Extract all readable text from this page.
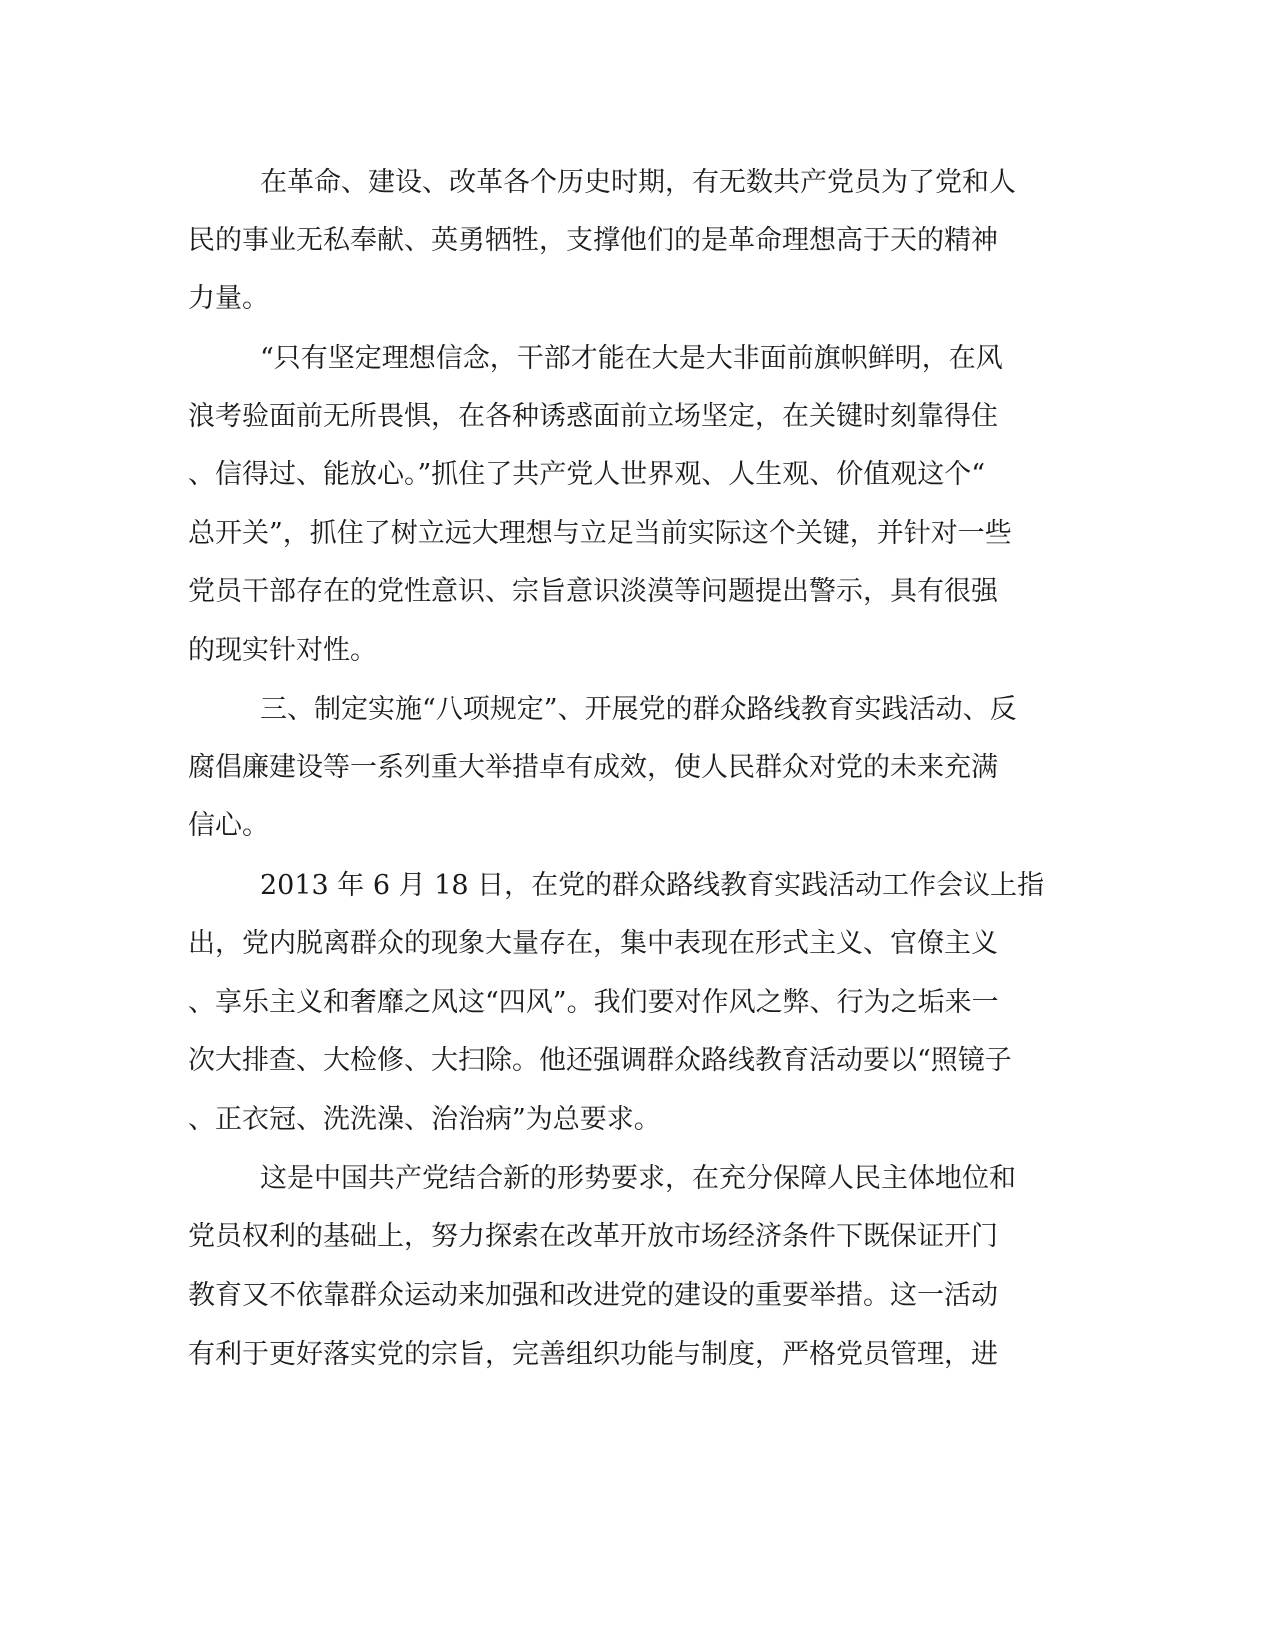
在革命、建设、改革各个历史时期，有无数共产党员为了党和人
民的事业无私奉献、英勇牺牲，支撑他们的是革命理想高于天的精神
力量。
“只有坚定理想信念，干部才能在大是大非面前旗帜鲜明，在风
浪考验面前无所畏惧，在各种诱惑面前立场坚定，在关键时刻靠得住
、信得过、能放心。”抓住了共产党人世界观、人生观、价值观这个“
总开关”，抓住了树立远大理想与立足当前实际这个关键，并针对一些
党员干部存在的党性意识、宗旨意识淡漠等问题提出警示，具有很强
的现实针对性。
三、制定实施“八项规定”、开展党的群众路线教育实践活动、反
腐倡廉建设等一系列重大举措卓有成效，使人民群众对党的未来充满
信心。
2013 年 6 月 18 日，在党的群众路线教育实践活动工作会议上指
出，党内脱离群众的现象大量存在，集中表现在形式主义、官僚主义
、享乐主义和奢靡之风这“四风”。我们要对作风之弊、行为之垢来一
次大排查、大检修、大扫除。他还强调群众路线教育活动要以“照镜子
、正衣冠、洗洗澡、治治病”为总要求。
这是中国共产党结合新的形势要求，在充分保障人民主体地位和
党员权利的基础上，努力探索在改革开放市场经济条件下既保证开门
教育又不依靠群众运动来加强和改进党的建设的重要举措。这一活动
有利于更好落实党的宗旨，完善组织功能与制度，严格党员管理，进
